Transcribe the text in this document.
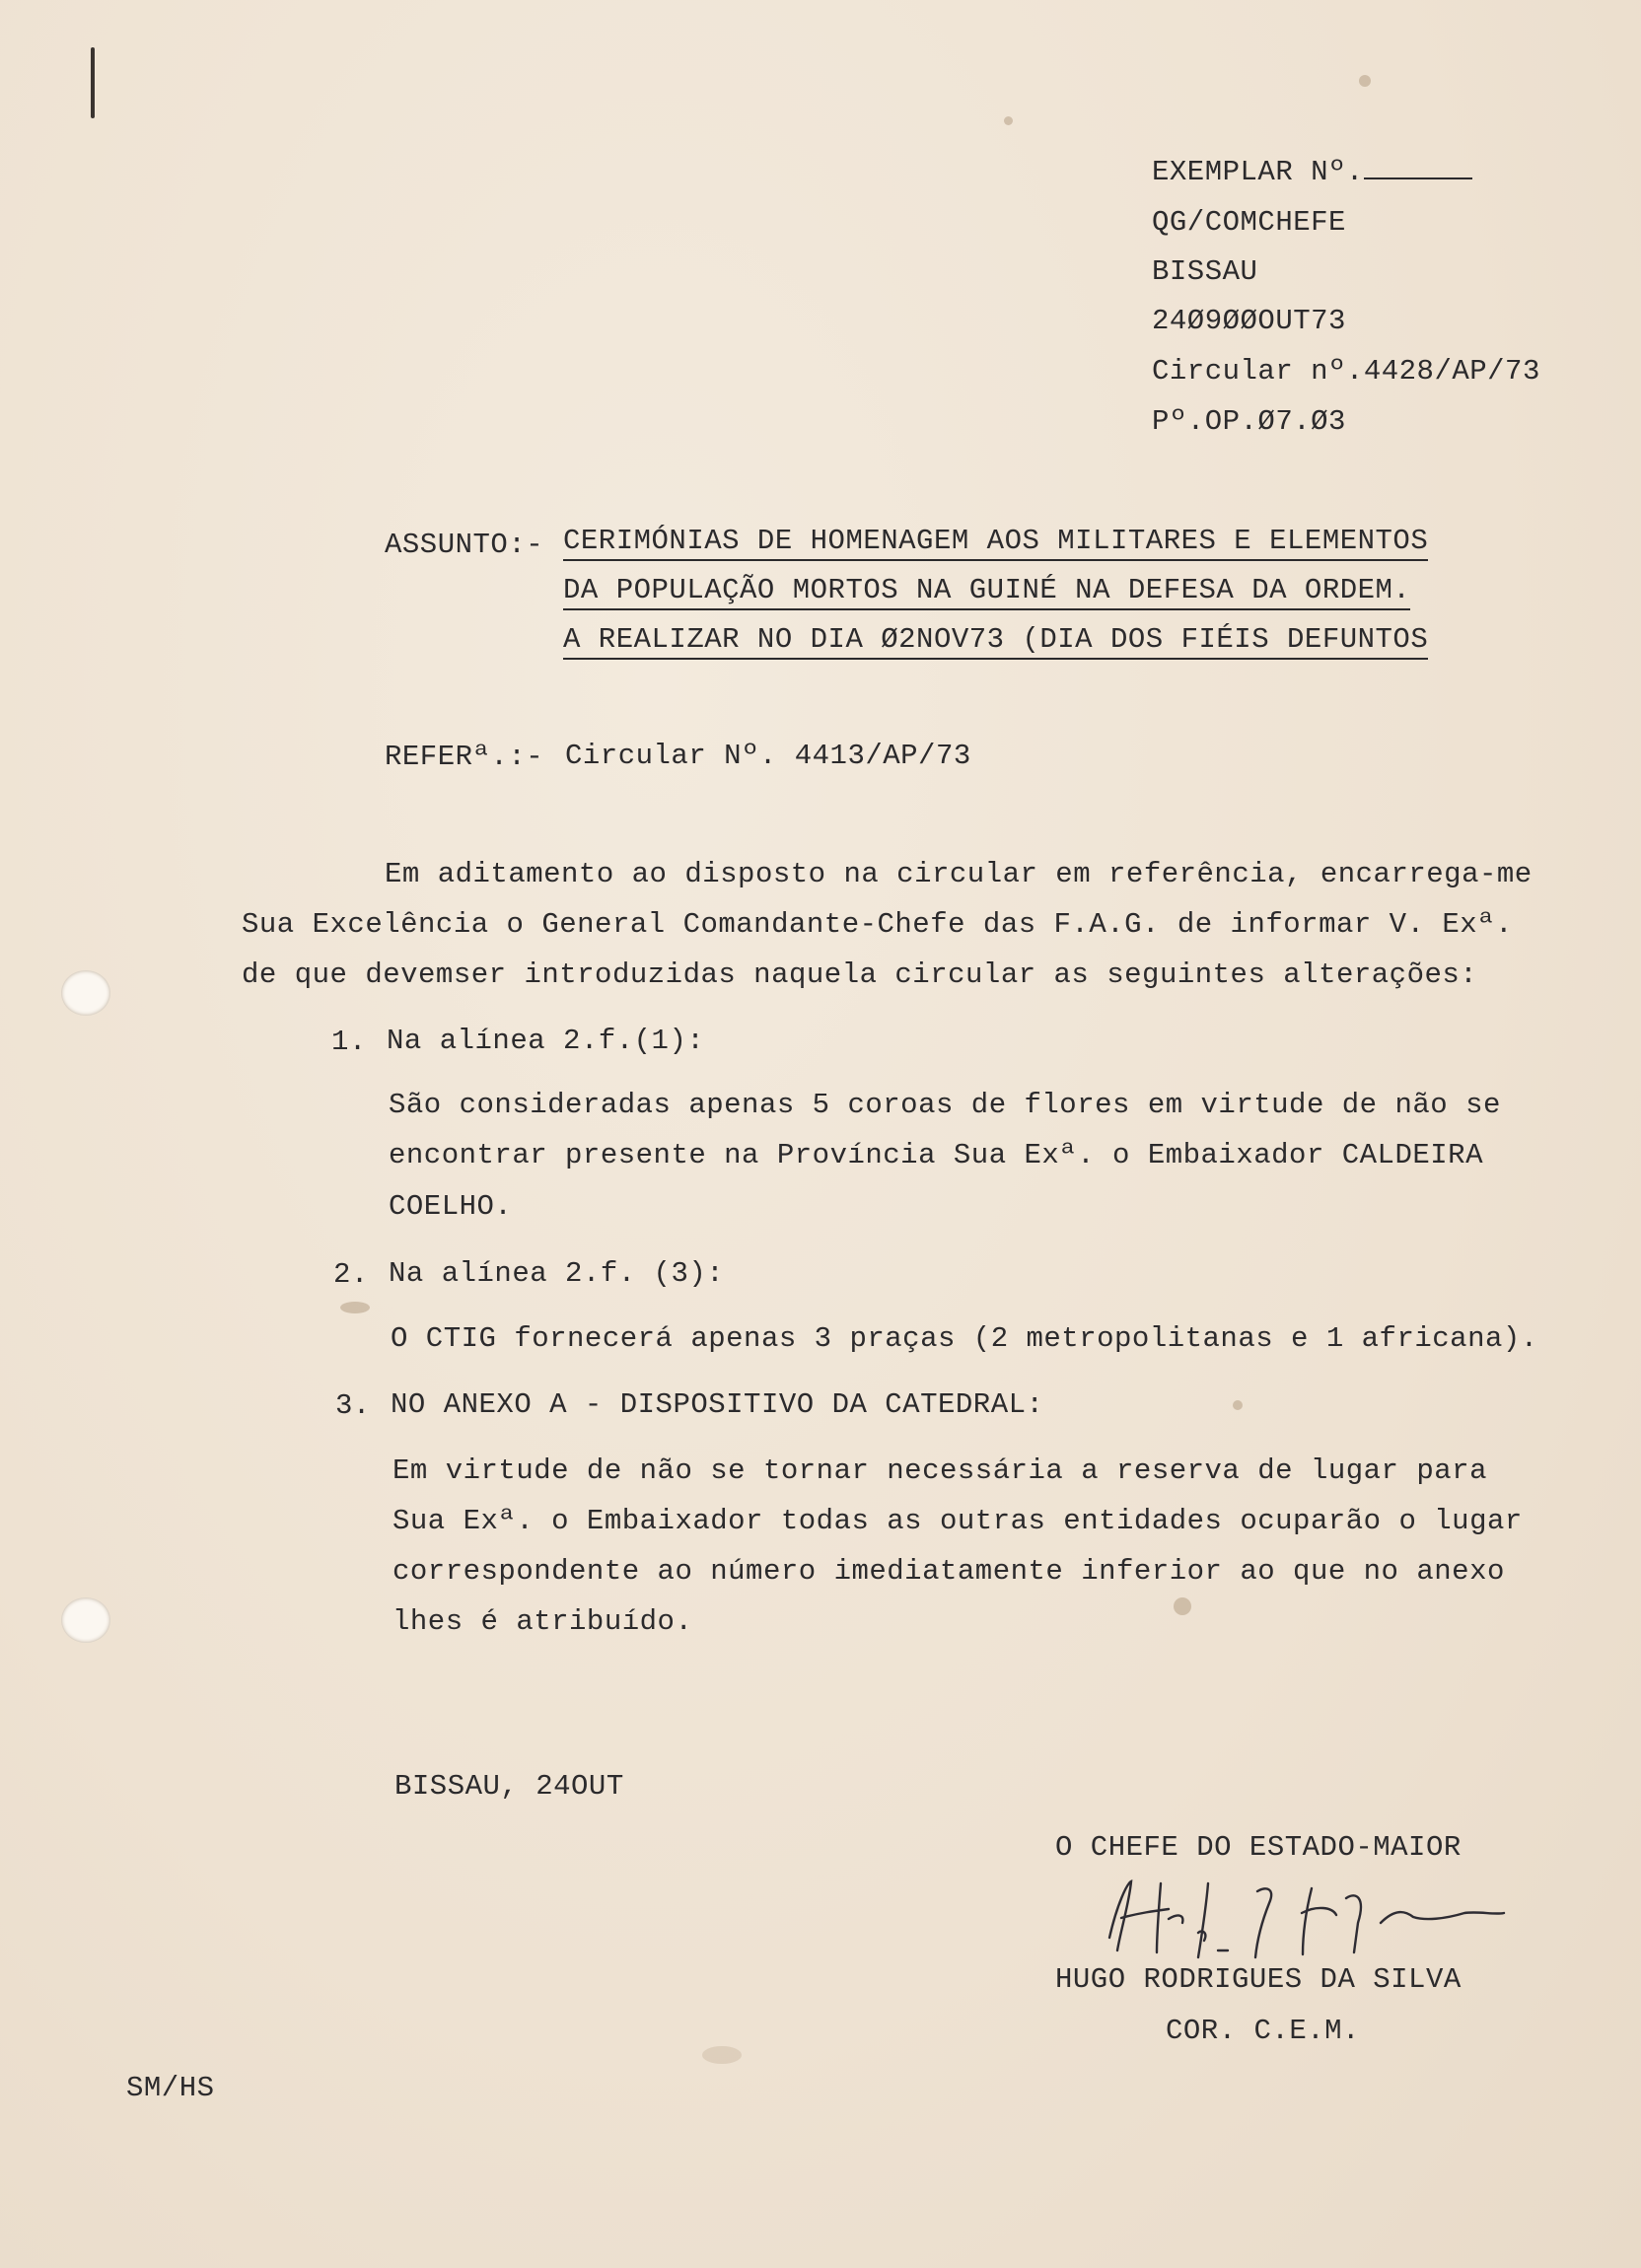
EXEMPLAR Nº.
QG/COMCHEFE
BISSAU
24Ø9ØØOUT73
Circular nº.4428/AP/73
Pº.OP.Ø7.Ø3
ASSUNTO:- CERIMÓNIAS DE HOMENAGEM AOS MILITARES E ELEMENTOS
DA POPULAÇÃO MORTOS NA GUINÉ NA DEFESA DA ORDEM.
A REALIZAR NO DIA Ø2NOV73 (DIA DOS FIÉIS DEFUNTOS
REFERª.:- Circular Nº. 4413/AP/73
Em aditamento ao disposto na circular em referência, encarrega-me
Sua Excelência o General Comandante-Chefe das F.A.G. de informar V. Exª.
de que devemser introduzidas naquela circular as seguintes alterações:
1. Na alínea 2.f.(1):
São consideradas apenas 5 coroas de flores em virtude de não se
encontrar presente na Província Sua Exª. o Embaixador CALDEIRA
COELHO.
2. Na alínea 2.f. (3):
O CTIG fornecerá apenas 3 praças (2 metropolitanas e 1 africana).
3. NO ANEXO A - DISPOSITIVO DA CATEDRAL:
Em virtude de não se tornar necessária a reserva de lugar para
Sua Exª. o Embaixador todas as outras entidades ocuparão o lugar
correspondente ao número imediatamente inferior ao que no anexo
lhes é atribuído.
BISSAU, 24OUT
O CHEFE DO ESTADO-MAIOR
HUGO RODRIGUES DA SILVA
COR. C.E.M.
SM/HS
